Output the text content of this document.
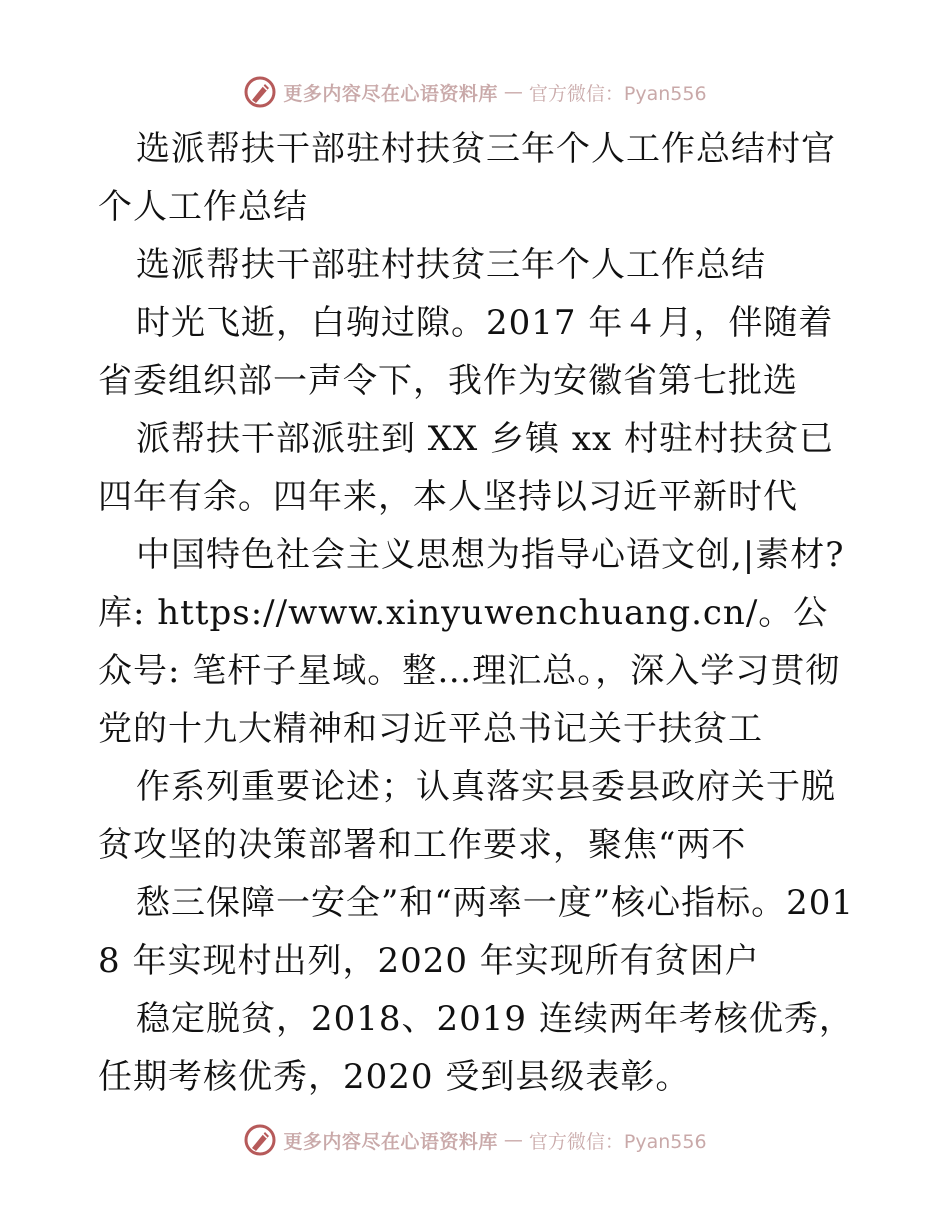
更多内容尽在心语资料库 — 官方微信：Pyan556

选派帮扶干部驻村扶贫三年个人工作总结村官个人工作总结

选派帮扶干部驻村扶贫三年个人工作总结

时光飞逝，白驹过隙。2017 年４月，伴随着省委组织部一声令下，我作为安徽省第七批选

派帮扶干部派驻到 XX 乡镇 xx 村驻村扶贫已四年有余。四年来，本人坚持以习近平新时代

中国特色社会主义思想为指导心语文创,|素材?库: https://www.xinyuwenchuang.cn/。公众号: 笔杆子星域。整…理汇总。，深入学习贯彻党的十九大精神和习近平总书记关于扶贫工

作系列重要论述；认真落实县委县政府关于脱贫攻坚的决策部署和工作要求，聚焦“两不

愁三保障一安全”和“两率一度”核心指标。2018 年实现村出列，2020 年实现所有贫困户

稳定脱贫，2018、2019 连续两年考核优秀，任期考核优秀，2020 受到县级表彰。

更多内容尽在心语资料库 — 官方微信：Pyan556
